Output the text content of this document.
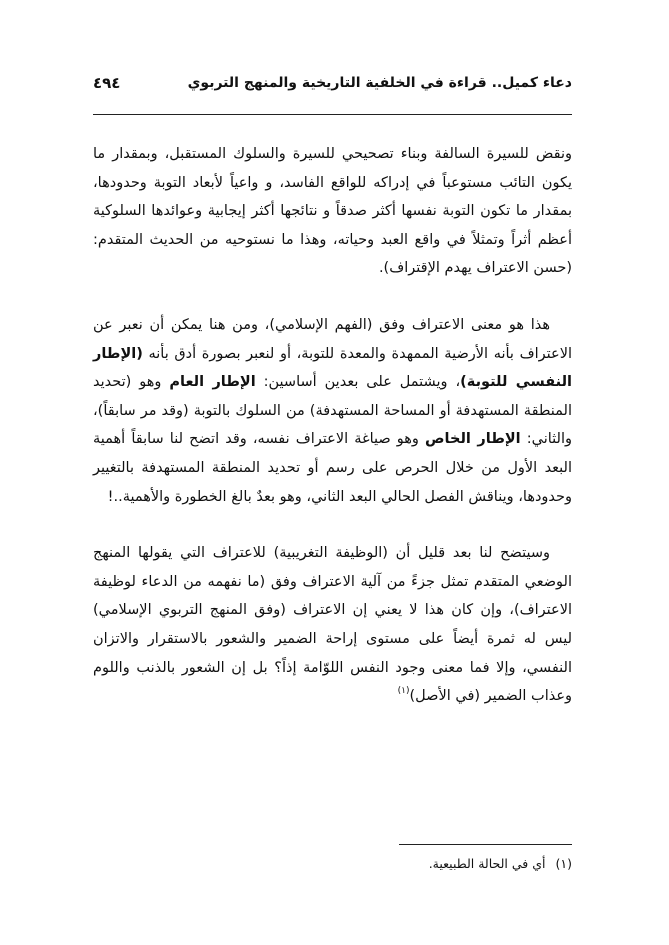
دعاء كميل.. قراءة في الخلفية التاريخية والمنهج التربوي
٤٩٤

ونقض للسيرة السالفة وبناء تصحيحي للسيرة والسلوك المستقبل، وبمقدار ما يكون التائب مستوعباً في إدراكه للواقع الفاسد، و واعياً لأبعاد التوبة وحدودها، بمقدار ما تكون التوبة نفسها أكثر صدقاً و نتائجها أكثر إيجابية وعوائدها السلوكية أعظم أثراً وتمثلاً في واقع العبد وحياته، وهذا ما نستوحيه من الحديث المتقدم: (حسن الاعتراف يهدم الإقتراف).

هذا هو معنى الاعتراف وفق (الفهم الإسلامي)، ومن هنا يمكن أن نعبر عن الاعتراف بأنه الأرضية الممهدة والمعدة للتوبة، أو لنعبر بصورة أدق بأنه (الإطار النفسي للتوبة)، ويشتمل على بعدين أساسين: الإطار العام وهو (تحديد المنطقة المستهدفة أو المساحة المستهدفة) من السلوك بالتوبة (وقد مر سابقاً)، والثاني: الإطار الخاص وهو صياغة الاعتراف نفسه، وقد اتضح لنا سابقاً أهمية البعد الأول من خلال الحرص على رسم أو تحديد المنطقة المستهدفة بالتغيير وحدودها، ويناقش الفصل الحالي البعد الثاني، وهو بعدٌ بالغ الخطورة والأهمية..!

وسيتضح لنا بعد قليل أن (الوظيفة التغريبية) للاعتراف التي يقولها المنهج الوضعي المتقدم تمثل جزءً من آلية الاعتراف وفق (ما نفهمه من الدعاء لوظيفة الاعتراف)، وإن كان هذا لا يعني إن الاعتراف (وفق المنهج التربوي الإسلامي) ليس له ثمرة أيضاً على مستوى إراحة الضمير والشعور بالاستقرار والاتزان النفسي، وإلا فما معنى وجود النفس اللوّامة إذاً؟ بل إن الشعور بالذنب واللوم وعذاب الضمير (في الأصل)$^{(١)}$

(١)أي في الحالة الطبيعية.
